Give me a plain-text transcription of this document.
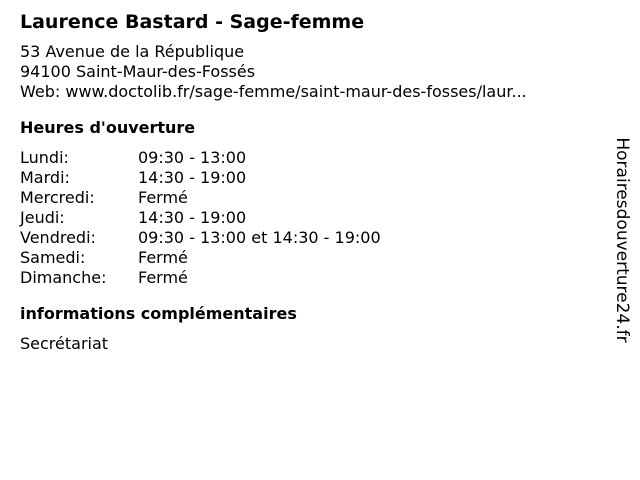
Laurence Bastard - Sage-femme
53 Avenue de la République
94100 Saint-Maur-des-Fossés
Web: www.doctolib.fr/sage-femme/saint-maur-des-fosses/laur...
Heures d'ouverture
Lundi:	09:30 - 13:00
Mardi:	14:30 - 19:00
Mercredi:	Fermé
Jeudi:	14:30 - 19:00
Vendredi:	09:30 - 13:00 et 14:30 - 19:00
Samedi:	Fermé
Dimanche:	Fermé
informations complémentaires
Secrétariat
Horairesdouverture24.fr
